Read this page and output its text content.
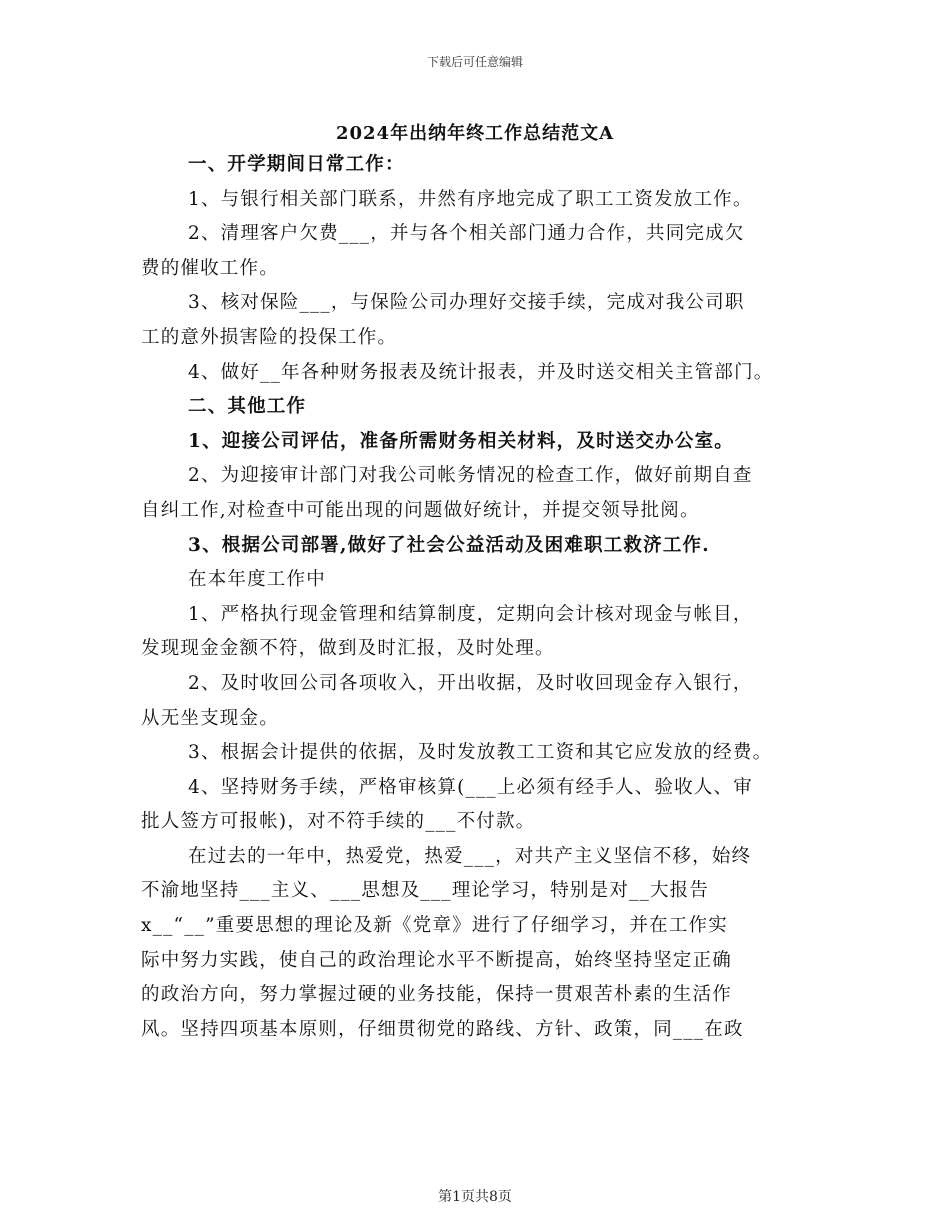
下载后可任意编辑
2024年出纳年终工作总结范文A
一、开学期间日常工作：
1、与银行相关部门联系，井然有序地完成了职工工资发放工作。
2、清理客户欠费___，并与各个相关部门通力合作，共同完成欠
费的催收工作。
3、核对保险___，与保险公司办理好交接手续，完成对我公司职
工的意外损害险的投保工作。
4、做好__年各种财务报表及统计报表，并及时送交相关主管部门。
二、其他工作
1、迎接公司评估，准备所需财务相关材料，及时送交办公室。
2、为迎接审计部门对我公司帐务情况的检查工作，做好前期自查
自纠工作,对检查中可能出现的问题做好统计，并提交领导批阅。
3、根据公司部署,做好了社会公益活动及困难职工救济工作.
在本年度工作中
1、严格执行现金管理和结算制度，定期向会计核对现金与帐目，
发现现金金额不符，做到及时汇报，及时处理。
2、及时收回公司各项收入，开出收据，及时收回现金存入银行，
从无坐支现金。
3、根据会计提供的依据，及时发放教工工资和其它应发放的经费。
4、坚持财务手续，严格审核算(___上必须有经手人、验收人、审
批人签方可报帐)，对不符手续的___不付款。
在过去的一年中，热爱党，热爱___，对共产主义坚信不移，始终
不渝地坚持___主义、___思想及___理论学习，特别是对__大报告
x__“__”重要思想的理论及新《党章》进行了仔细学习，并在工作实
际中努力实践，使自己的政治理论水平不断提高，始终坚持坚定正确
的政治方向，努力掌握过硬的业务技能，保持一贯艰苦朴素的生活作
风。坚持四项基本原则，仔细贯彻党的路线、方针、政策，同___在政
第1页共8页
